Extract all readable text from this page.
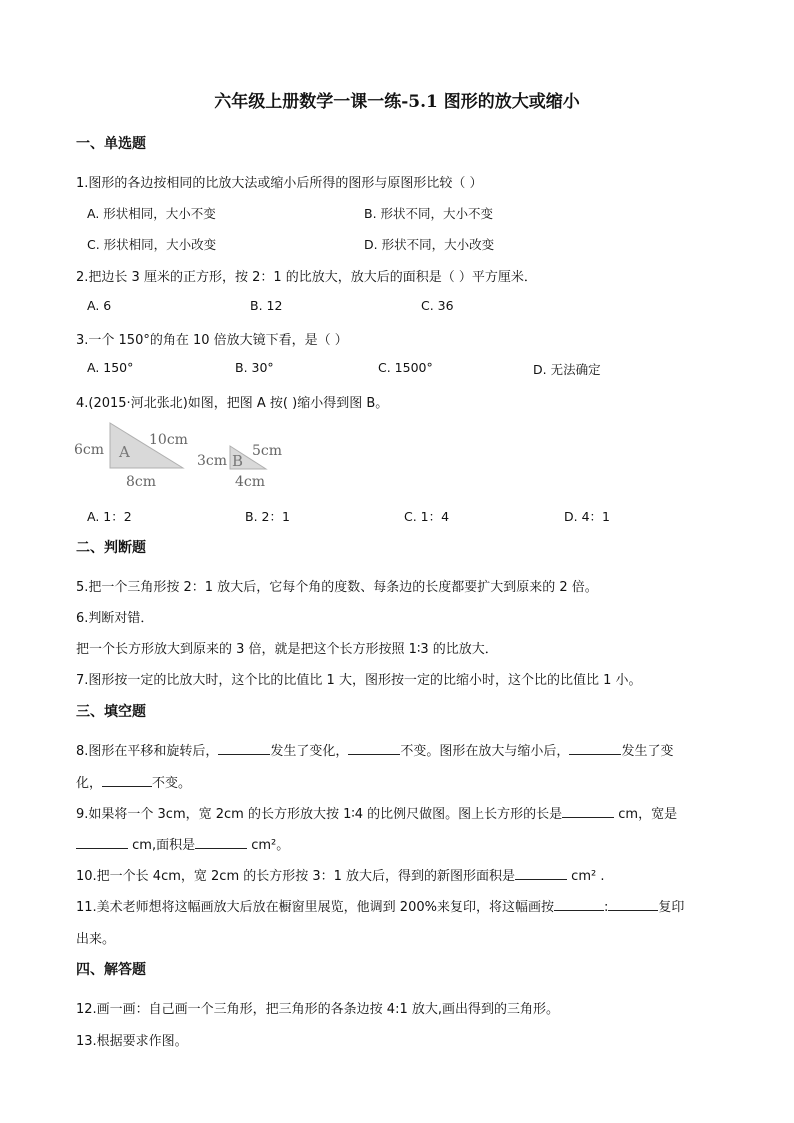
六年级上册数学一课一练-5.1 图形的放大或缩小
一、单选题
1.图形的各边按相同的比放大法或缩小后所得的图形与原图形比较（ ）
A. 形状相同，大小不变	B. 形状不同，大小不变
C. 形状相同，大小改变	D. 形状不同，大小改变
2.把边长 3 厘米的正方形，按 2：1 的比放大，放大后的面积是（ ）平方厘米．
A. 6	B. 12	C. 36
3.一个 150°的角在 10 倍放大镜下看，是（ ）
A. 150°	B. 30°	C. 1500°	D. 无法确定
4.(2015·河北张北)如图，把图 A 按( )缩小得到图 B。
A
6cm
10cm
8cm
B
3cm
5cm
4cm
A. 1：2	B. 2：1	C. 1：4	D. 4：1
二、判断题
5.把一个三角形按 2：1 放大后，它每个角的度数、每条边的长度都要扩大到原来的 2 倍。
6.判断对错．
把一个长方形放大到原来的 3 倍，就是把这个长方形按照 1∶3 的比放大．
7.图形按一定的比放大时，这个比的比值比 1 大，图形按一定的比缩小时，这个比的比值比 1 小。
三、填空题
8.图形在平移和旋转后，	发生了变化，	不变。图形在放大与缩小后，	发生了变
化，	不变。
9.如果将一个 3cm，宽 2cm 的长方形放大按 1∶4 的比例尺做图。图上长方形的长是	cm，宽是
cm,面积是	cm²。
10.把一个长 4cm，宽 2cm 的长方形按 3：1 放大后，得到的新图形面积是	cm² .
11.美术老师想将这幅画放大后放在橱窗里展览，他调到 200%来复印，将这幅画按	:	复印
出来。
四、解答题
12.画一画：自己画一个三角形，把三角形的各条边按 4:1 放大,画出得到的三角形。
13.根据要求作图。
